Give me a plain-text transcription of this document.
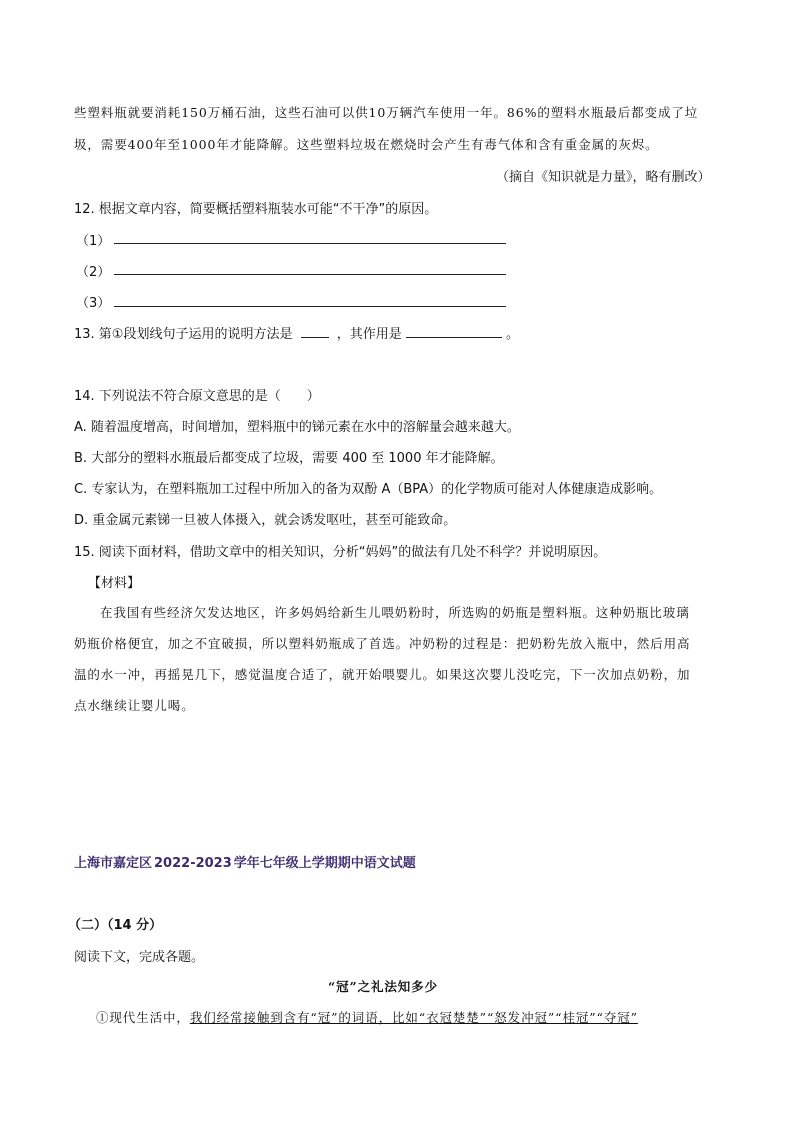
些塑料瓶就要消耗150万桶石油，这些石油可以供10万辆汽车使用一年。86%的塑料水瓶最后都变成了垃
圾，需要400年至1000年才能降解。这些塑料垃圾在燃烧时会产生有毒气体和含有重金属的灰烬。
（摘自《知识就是力量》，略有删改）
12. 根据文章内容，简要概括塑料瓶装水可能“不干净”的原因。
（1）
（2）
（3）
13. 第①段划线句子运用的说明方法是	，其作用是	。
14. 下列说法不符合原文意思的是（　　）
A. 随着温度增高，时间增加，塑料瓶中的锑元素在水中的溶解量会越来越大。
B. 大部分的塑料水瓶最后都变成了垃圾，需要 400 至 1000 年才能降解。
C. 专家认为，在塑料瓶加工过程中所加入的备为双酚 A（BPA）的化学物质可能对人体健康造成影响。
D. 重金属元素锑一旦被人体摄入，就会诱发呕吐，甚至可能致命。
15. 阅读下面材料，借助文章中的相关知识，分析“妈妈”的做法有几处不科学？并说明原因。
【材料】
在我国有些经济欠发达地区，许多妈妈给新生儿喂奶粉时，所选购的奶瓶是塑料瓶。这种奶瓶比玻璃
奶瓶价格便宜，加之不宜破损，所以塑料奶瓶成了首选。冲奶粉的过程是：把奶粉先放入瓶中，然后用高
温的水一冲，再摇晃几下，感觉温度合适了，就开始喂婴儿。如果这次婴儿没吃完，下一次加点奶粉，加
点水继续让婴儿喝。
上海市嘉定区 2022-2023 学年七年级上学期期中语文试题
（二）（14 分）
阅读下文，完成各题。
“冠”之礼法知多少
①现代生活中，我们经常接触到含有“冠”的词语，比如“衣冠楚楚”“怒发冲冠”“桂冠”“夺冠”
